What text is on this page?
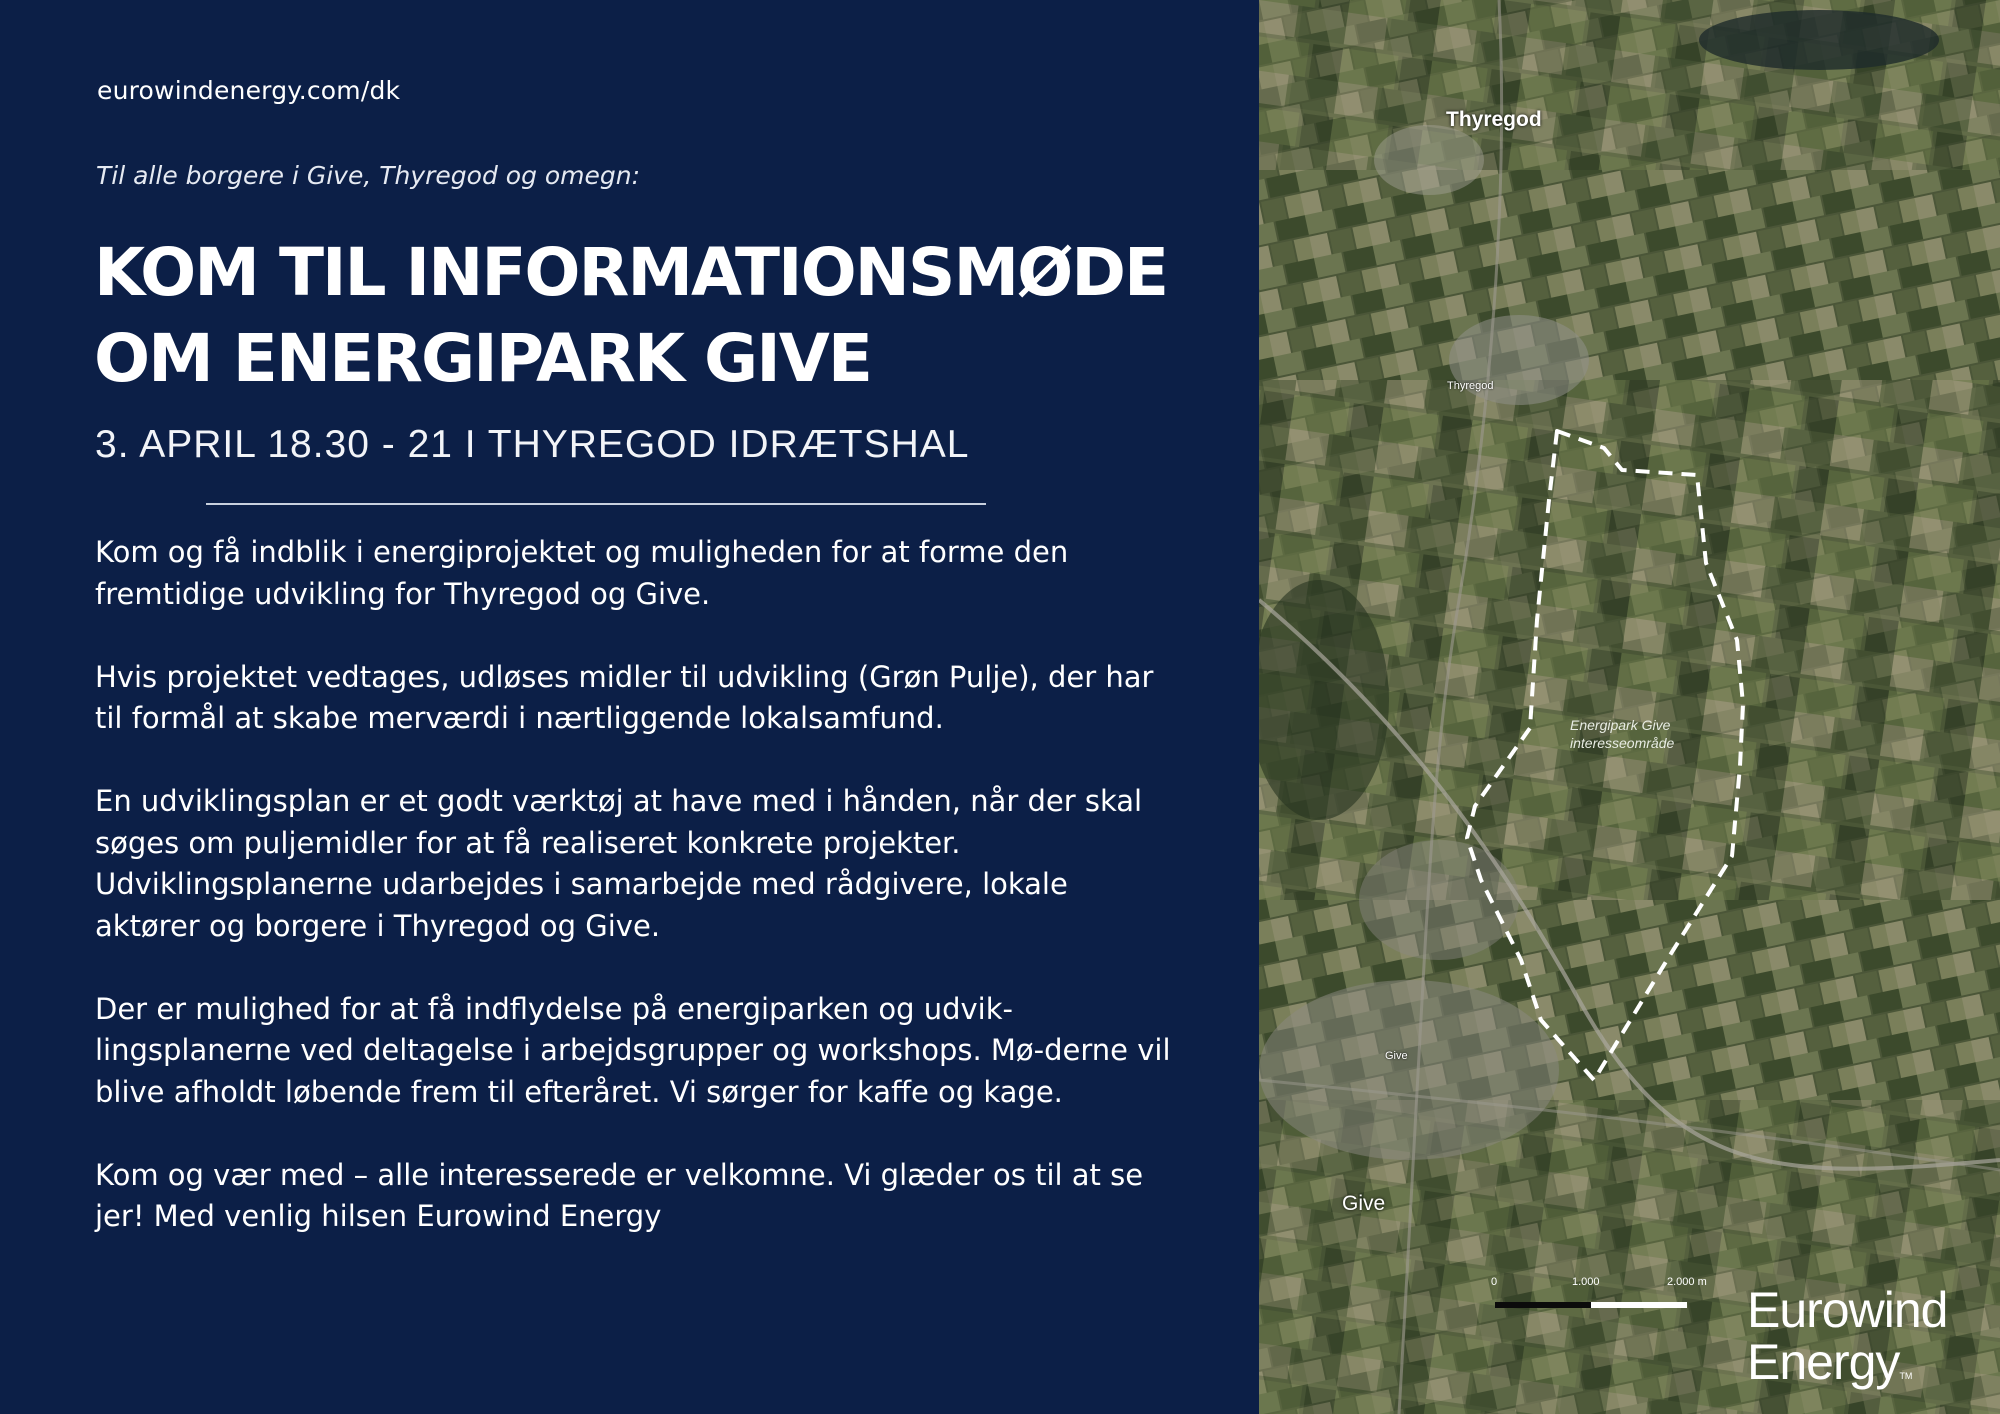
eurowindenergy.com/dk
Til alle borgere i Give, Thyregod og omegn:
KOM TIL INFORMATIONSMØDE
OM ENERGIPARK GIVE
3. APRIL 18.30 - 21 I THYREGOD IDRÆTSHAL

Kom og få indblik i energiprojektet og muligheden for at forme den fremtidige udvikling for Thyregod og Give.

Hvis projektet vedtages, udløses midler til udvikling (Grøn Pulje), der har til formål at skabe merværdi i nærtliggende lokalsamfund.

En udviklingsplan er et godt værktøj at have med i hånden, når der skal søges om puljemidler for at få realiseret konkrete projekter. Udviklingsplanerne udarbejdes i samarbejde med rådgivere, lokale aktører og borgere i Thyregod og Give.

Der er mulighed for at få indflydelse på energiparken og udvik-lingsplanerne ved deltagelse i arbejdsgrupper og workshops. Mø-derne vil blive afholdt løbende frem til efteråret. Vi sørger for kaffe og kage.

Kom og vær med – alle interesserede er velkomne. Vi glæder os til at se jer! Med venlig hilsen Eurowind Energy

Thyregod
Thyregod
Give
Give
0	1.000	2.000 m
Energipark Give
interesseområde
Eurowind
EnergyTM
